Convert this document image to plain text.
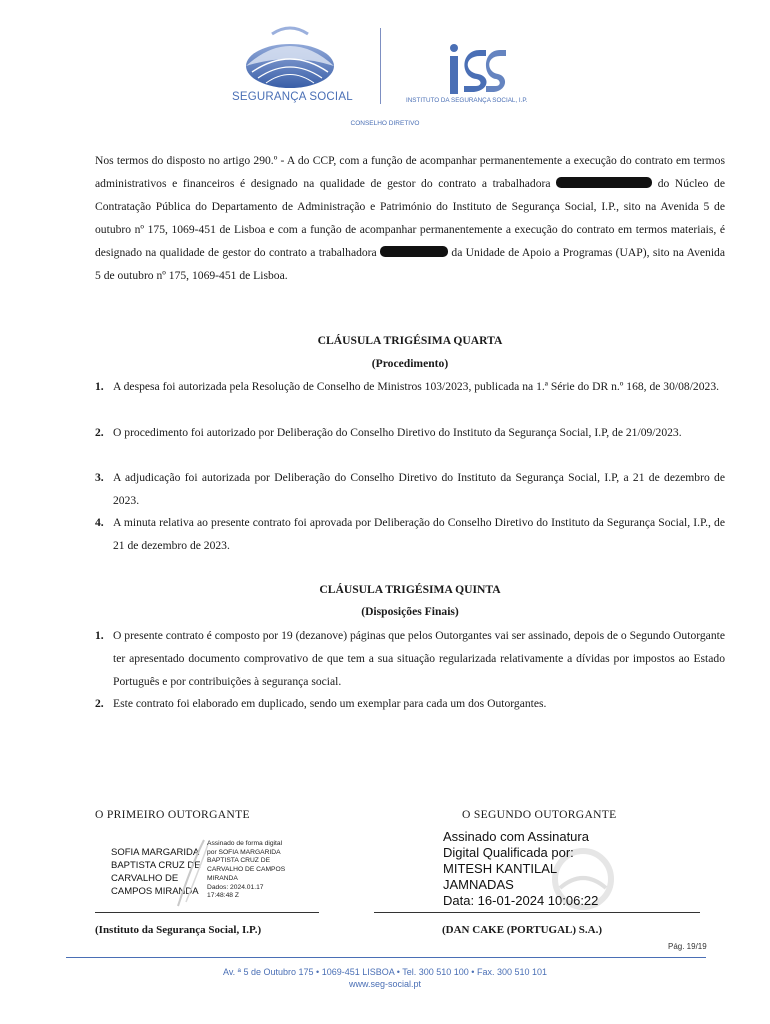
SEGURANÇA SOCIAL	INSTITUTO DA SEGURANÇA SOCIAL, I.P.
CONSELHO DIRETIVO

Nos termos do disposto no artigo 290.º - A do CCP, com a função de acompanhar permanentemente a execução do contrato em termos administrativos e financeiros é designado na qualidade de gestor do contrato a trabalhadora	do Núcleo de Contratação Pública do Departamento de Administração e Património do Instituto de Segurança Social, I.P., sito na Avenida 5 de outubro nº 175, 1069-451 de Lisboa e com a função de acompanhar permanentemente a execução do contrato em termos materiais, é designado na qualidade de gestor do contrato a trabalhadora	da Unidade de Apoio a Programas (UAP), sito na Avenida 5 de outubro nº 175, 1069-451 de Lisboa.

CLÁUSULA TRIGÉSIMA QUARTA
(Procedimento)
1. A despesa foi autorizada pela Resolução de Conselho de Ministros 103/2023, publicada na 1.ª Série do DR n.º 168, de 30/08/2023.
2. O procedimento foi autorizado por Deliberação do Conselho Diretivo do Instituto da Segurança Social, I.P, de 21/09/2023.
3. A adjudicação foi autorizada por Deliberação do Conselho Diretivo do Instituto da Segurança Social, I.P, a 21 de dezembro de 2023.
4. A minuta relativa ao presente contrato foi aprovada por Deliberação do Conselho Diretivo do Instituto da Segurança Social, I.P., de 21 de dezembro de 2023.
CLÁUSULA TRIGÉSIMA QUINTA
(Disposições Finais)
1. O presente contrato é composto por 19 (dezanove) páginas que pelos Outorgantes vai ser assinado, depois de o Segundo Outorgante ter apresentado documento comprovativo de que tem a sua situação regularizada relativamente a dívidas por impostos ao Estado Português e por contribuições à segurança social.
2. Este contrato foi elaborado em duplicado, sendo um exemplar para cada um dos Outorgantes.
O PRIMEIRO OUTORGANTE	O SEGUNDO OUTORGANTE
SOFIA MARGARIDA
BAPTISTA CRUZ DE
CARVALHO DE
CAMPOS MIRANDA
Assinado de forma digital
por SOFIA MARGARIDA
BAPTISTA CRUZ DE
CARVALHO DE CAMPOS
MIRANDA
Dados: 2024.01.17
17:48:48 Z
(Instituto da Segurança Social, I.P.)
Assinado com Assinatura
Digital Qualificada por:
MITESH KANTILAL
JAMNADAS
Data: 16-01-2024 10:06:22
(DAN CAKE (PORTUGAL) S.A.)
Pág. 19/19
Av. ª 5 de Outubro 175 • 1069-451 LISBOA • Tel. 300 510 100 • Fax. 300 510 101
www.seg-social.pt
